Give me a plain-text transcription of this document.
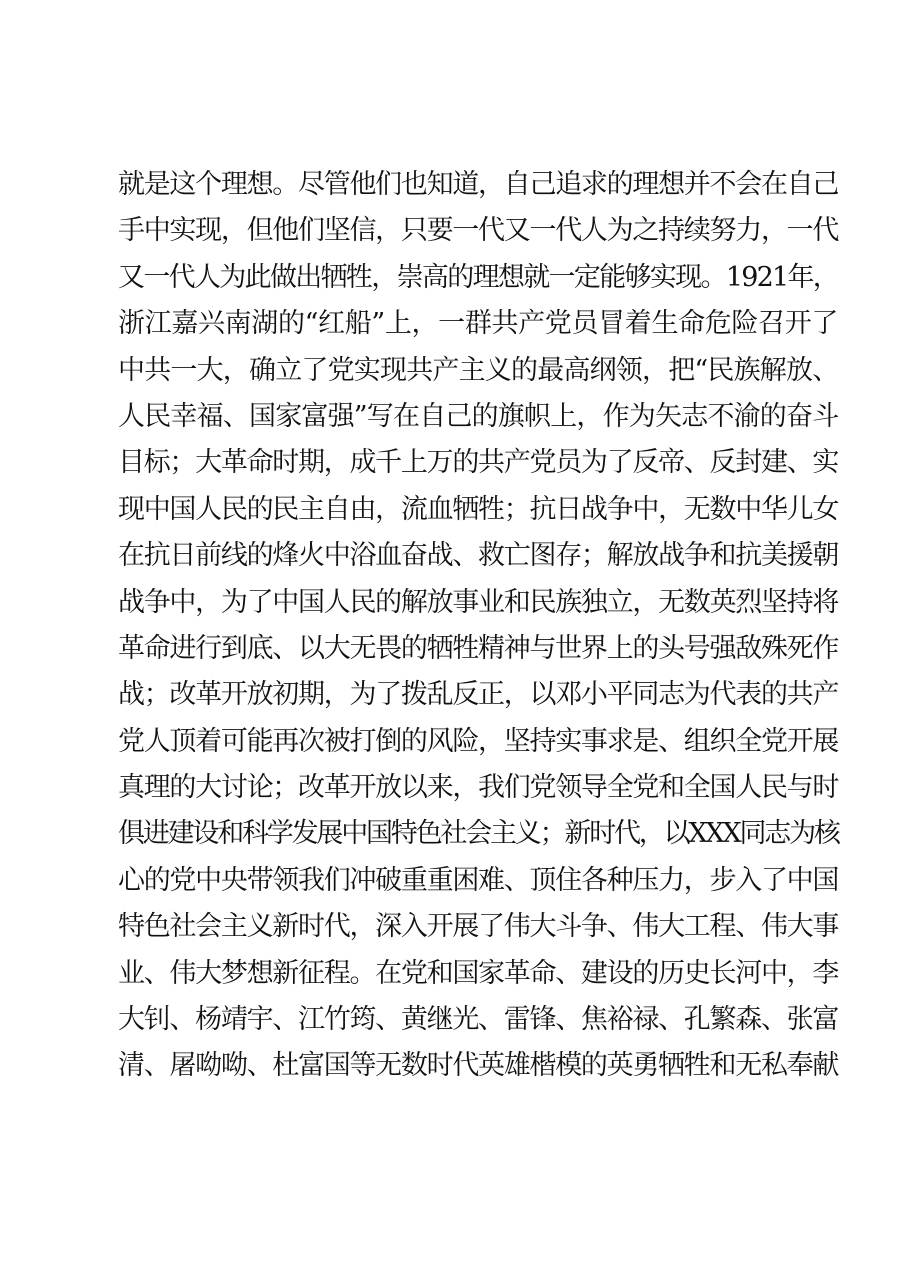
就是这个理想。尽管他们也知道，自己追求的理想并不会在自己
手中实现，但他们坚信，只要一代又一代人为之持续努力，一代
又一代人为此做出牺牲，崇高的理想就一定能够实现。1921年，
浙江嘉兴南湖的“红船”上，一群共产党员冒着生命危险召开了
中共一大，确立了党实现共产主义的最高纲领，把“民族解放、
人民幸福、国家富强”写在自己的旗帜上，作为矢志不渝的奋斗
目标；大革命时期，成千上万的共产党员为了反帝、反封建、实
现中国人民的民主自由，流血牺牲；抗日战争中，无数中华儿女
在抗日前线的烽火中浴血奋战、救亡图存；解放战争和抗美援朝
战争中，为了中国人民的解放事业和民族独立，无数英烈坚持将
革命进行到底、以大无畏的牺牲精神与世界上的头号强敌殊死作
战；改革开放初期，为了拨乱反正，以邓小平同志为代表的共产
党人顶着可能再次被打倒的风险，坚持实事求是、组织全党开展
真理的大讨论；改革开放以来，我们党领导全党和全国人民与时
俱进建设和科学发展中国特色社会主义；新时代，以XXX同志为核
心的党中央带领我们冲破重重困难、顶住各种压力，步入了中国
特色社会主义新时代，深入开展了伟大斗争、伟大工程、伟大事
业、伟大梦想新征程。在党和国家革命、建设的历史长河中，李
大钊、杨靖宇、江竹筠、黄继光、雷锋、焦裕禄、孔繁森、张富
清、屠呦呦、杜富国等无数时代英雄楷模的英勇牺牲和无私奉献
